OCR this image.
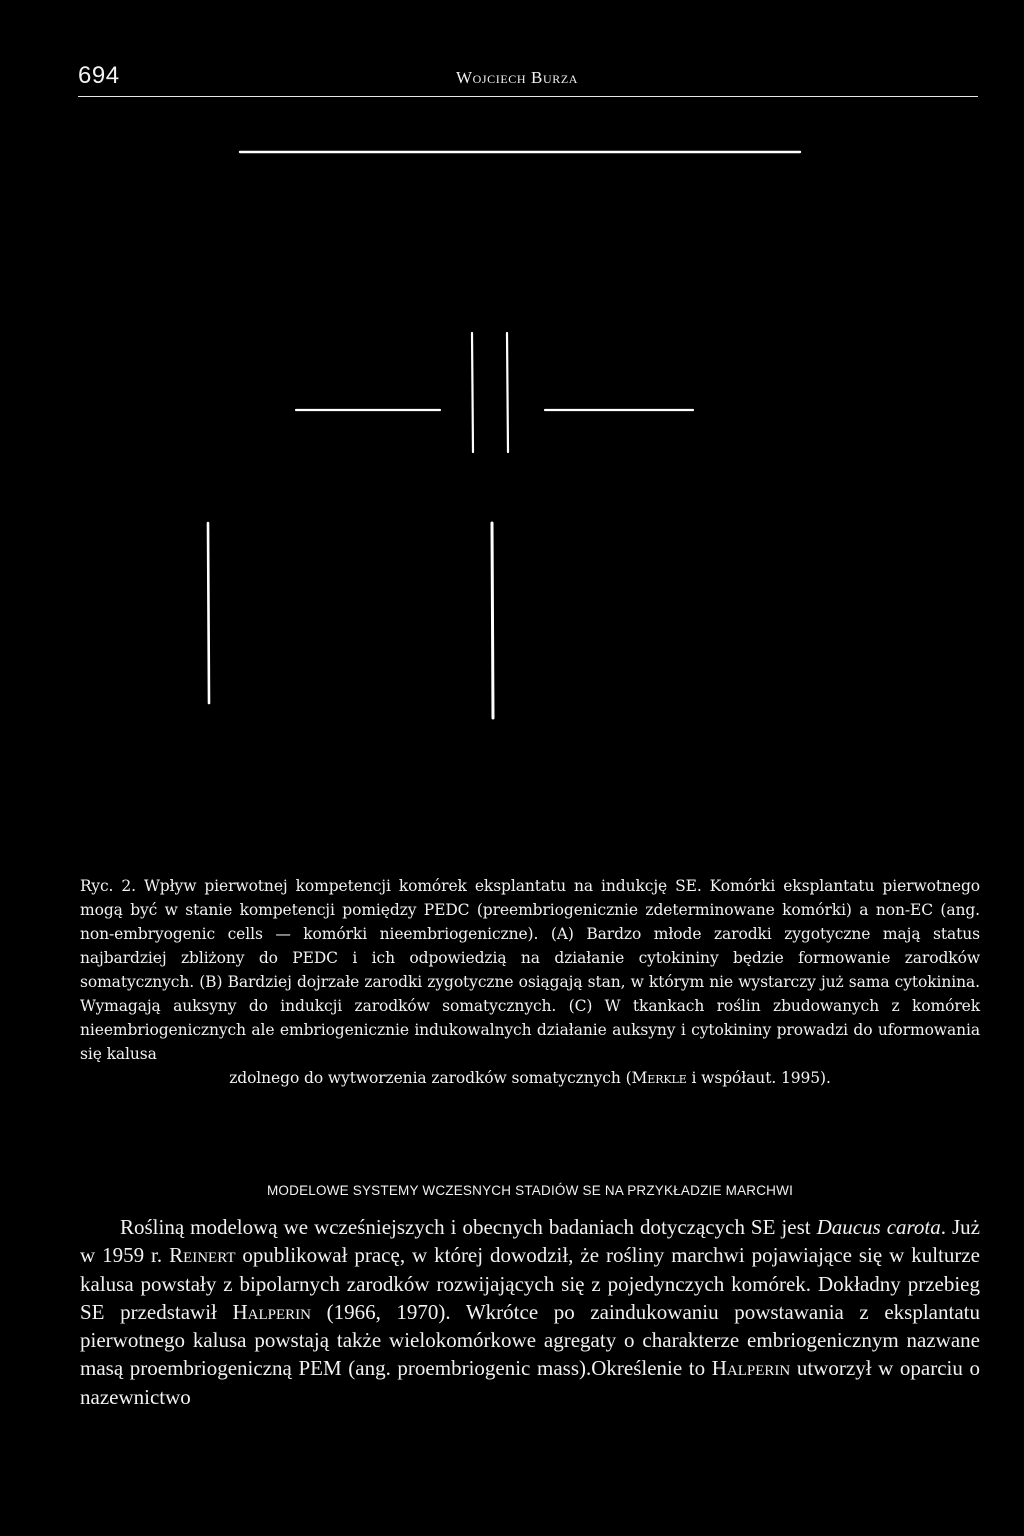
694	Wojciech Burza
Ryc. 2. Wpływ pierwotnej kompetencji komórek eksplantatu na indukcję SE. Komórki eksplantatu pierwotnego mogą być w stanie kompetencji pomiędzy PEDC (preembriogenicznie zdeterminowane komórki) a non-EC (ang. non-embryogenic cells — komórki nieembriogeniczne). (A) Bardzo młode zarodki zygotyczne mają status najbardziej zbliżony do PEDC i ich odpowiedzią na działanie cytokininy będzie formowanie zarodków somatycznych. (B) Bardziej dojrzałe zarodki zygotyczne osiągają stan, w którym nie wystarczy już sama cytokinina. Wymagają auksyny do indukcji zarodków somatycznych. (C) W tkankach roślin zbudowanych z komórek nieembriogenicznych ale embriogenicznie indukowalnych działanie auksyny i cytokininy prowadzi do uformowania się kalusa
zdolnego do wytworzenia zarodków somatycznych (Merkle i współaut. 1995).
MODELOWE SYSTEMY WCZESNYCH STADIÓW SE NA PRZYKŁADZIE MARCHWI
Rośliną modelową we wcześniejszych i obecnych badaniach dotyczących SE jest Daucus carota. Już w 1959 r. Reinert opublikował pracę, w której dowodził, że rośliny marchwi pojawiające się w kulturze kalusa powstały z bipolarnych zarodków rozwijających się z pojedynczych komórek. Dokładny przebieg SE przedstawił Halperin (1966, 1970). Wkrótce po zaindukowaniu powstawania z eksplantatu pierwotnego kalusa powstają także wielokomórkowe agregaty o charakterze embriogenicznym nazwane masą proembriogeniczną PEM (ang. proembriogenic mass).Określenie to Halperin utworzył w oparciu o nazewnictwo
